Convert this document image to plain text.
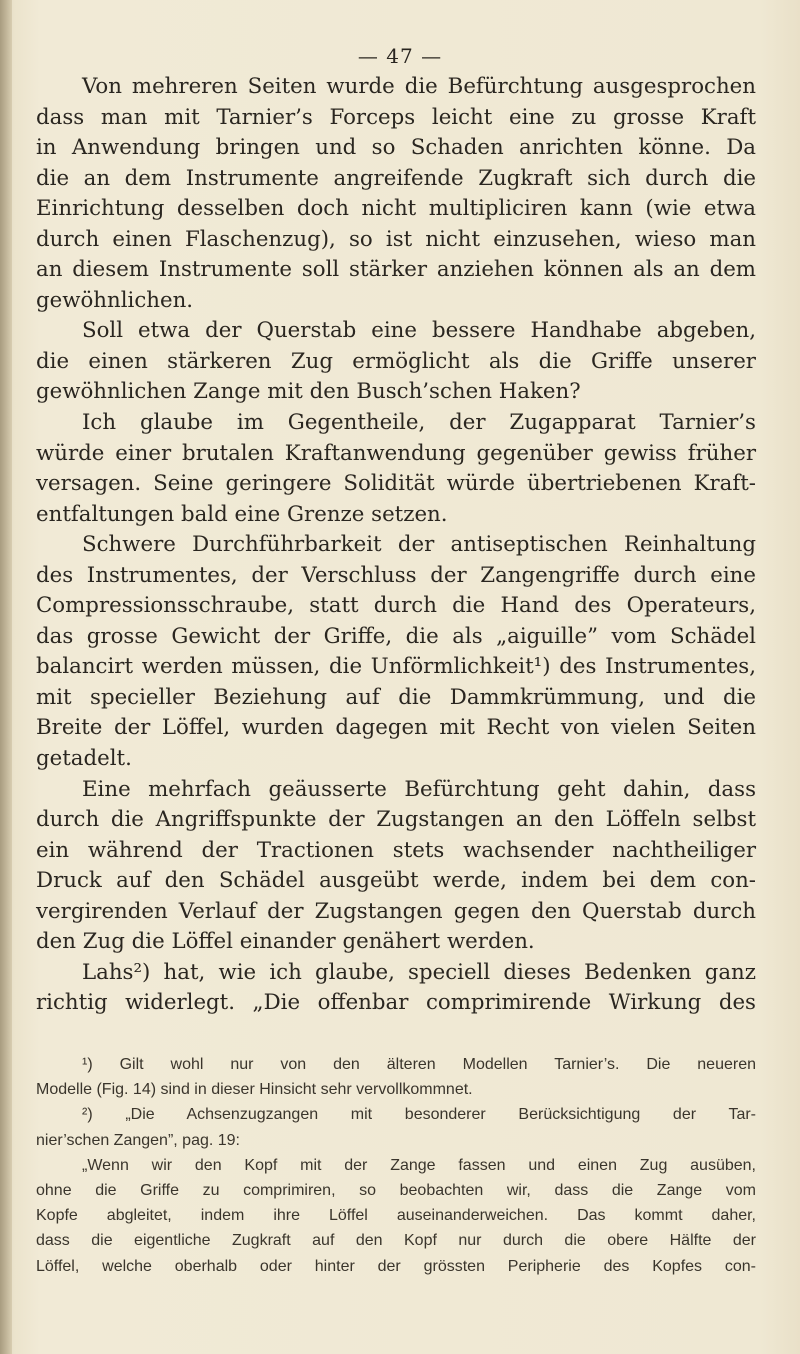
— 47 —
Von mehreren Seiten wurde die Befürchtung ausgesprochen
dass man mit Tarnier’s Forceps leicht eine zu grosse Kraft
in Anwendung bringen und so Schaden anrichten könne. Da
die an dem Instrumente angreifende Zugkraft sich durch die
Einrichtung desselben doch nicht multipliciren kann (wie etwa
durch einen Flaschenzug), so ist nicht einzusehen, wieso man
an diesem Instrumente soll stärker anziehen können als an dem
gewöhnlichen.
Soll etwa der Querstab eine bessere Handhabe abgeben,
die einen stärkeren Zug ermöglicht als die Griffe unserer
gewöhnlichen Zange mit den Busch’schen Haken?
Ich glaube im Gegentheile, der Zugapparat Tarnier’s
würde einer brutalen Kraftanwendung gegenüber gewiss früher
versagen. Seine geringere Solidität würde übertriebenen Kraft-
entfaltungen bald eine Grenze setzen.
Schwere Durchführbarkeit der antiseptischen Reinhaltung
des Instrumentes, der Verschluss der Zangengriffe durch eine
Compressionsschraube, statt durch die Hand des Operateurs,
das grosse Gewicht der Griffe, die als „aiguille” vom Schädel
balancirt werden müssen, die Unförmlichkeit¹) des Instrumentes,
mit specieller Beziehung auf die Dammkrümmung, und die
Breite der Löffel, wurden dagegen mit Recht von vielen Seiten
getadelt.
Eine mehrfach geäusserte Befürchtung geht dahin, dass
durch die Angriffspunkte der Zugstangen an den Löffeln selbst
ein während der Tractionen stets wachsender nachtheiliger
Druck auf den Schädel ausgeübt werde, indem bei dem con-
vergirenden Verlauf der Zugstangen gegen den Querstab durch
den Zug die Löffel einander genähert werden.
Lahs²) hat, wie ich glaube, speciell dieses Bedenken ganz
richtig widerlegt. „Die offenbar comprimirende Wirkung des
¹) Gilt wohl nur von den älteren Modellen Tarnier’s. Die neueren
Modelle (Fig. 14) sind in dieser Hinsicht sehr vervollkommnet.
²) „Die Achsenzugzangen mit besonderer Berücksichtigung der Tar-
nier’schen Zangen”, pag. 19:
„Wenn wir den Kopf mit der Zange fassen und einen Zug ausüben,
ohne die Griffe zu comprimiren, so beobachten wir, dass die Zange vom
Kopfe abgleitet, indem ihre Löffel auseinanderweichen. Das kommt daher,
dass die eigentliche Zugkraft auf den Kopf nur durch die obere Hälfte der
Löffel, welche oberhalb oder hinter der grössten Peripherie des Kopfes con-
